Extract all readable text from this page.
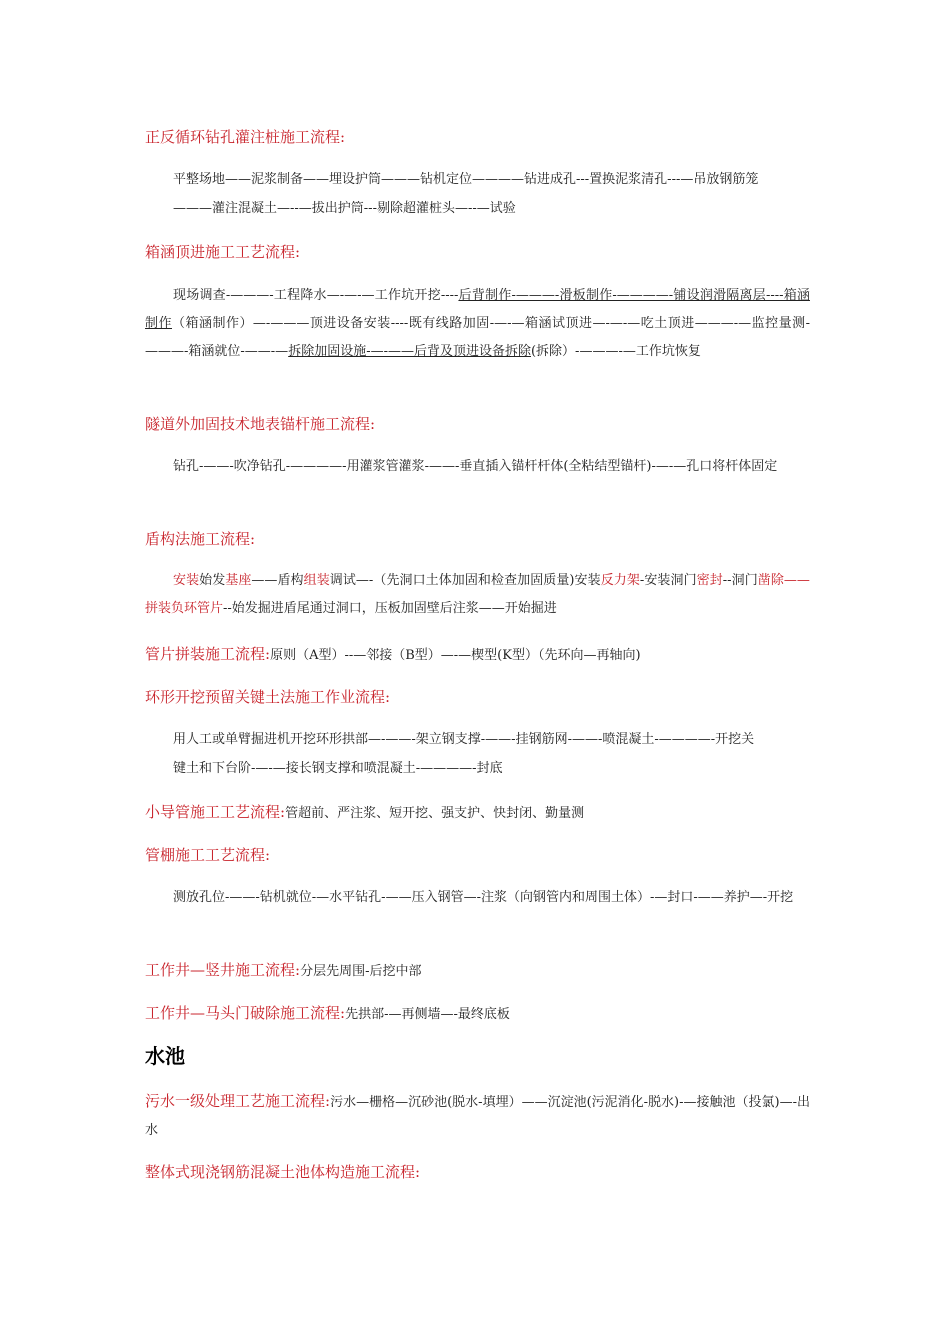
正反循环钻孔灌注桩施工流程:

平整场地——泥浆制备——埋设护筒———钻机定位————钻进成孔---置换泥浆清孔---—吊放钢筋笼

———灌注混凝土—--—拔出护筒---剔除超灌桩头—--—试验

箱涵顶进施工工艺流程:

现场调查-———-工程降水—-—-—工作坑开挖----后背制作-———-滑板制作-————-铺设润滑隔离层----箱涵制作（箱涵制作）—-———顶进设备安装----既有线路加固-—-—箱涵试顶进—-—-—吃土顶进———-—监控量测-———-箱涵就位-——-—拆除加固设施-—-——后背及顶进设备拆除(拆除）-———-—工作坑恢复

隧道外加固技术地表锚杆施工流程:

钻孔-——-吹净钻孔-————-用灌浆管灌浆-——-垂直插入锚杆杆体(全粘结型锚杆)-—-—孔口将杆体固定

盾构法施工流程:

安装始发基座——盾构组装调试—-（先洞口土体加固和检查加固质量)安装反力架-安装洞门密封--洞门凿除——拼装负环管片--始发掘进盾尾通过洞口，压板加固壁后注浆——开始掘进

管片拼装施工流程:原则（A型）--—邻接（B型）—-—楔型(K型）（先环向—再轴向)
环形开挖预留关键土法施工作业流程:

用人工或单臂掘进机开挖环形拱部—-——-架立钢支撑-——-挂钢筋网-——-喷混凝土-————-开挖关

键土和下台阶-—-—接长钢支撑和喷混凝土-————-封底

小导管施工工艺流程:管超前、严注浆、短开挖、强支护、快封闭、勤量测
管棚施工工艺流程:

测放孔位-——-钻机就位-—水平钻孔-——压入钢管—-注浆（向钢管内和周围土体）-—封口-——养护—-开挖

工作井—竖井施工流程:分层先周围-后挖中部
工作井—马头门破除施工流程:先拱部-—再侧墙—-最终底板
水池

污水一级处理工艺施工流程:污水—栅格—沉砂池(脱水-填埋）——沉淀池(污泥消化-脱水)-—接触池（投氯)—-出水

整体式现浇钢筋混凝土池体构造施工流程:
